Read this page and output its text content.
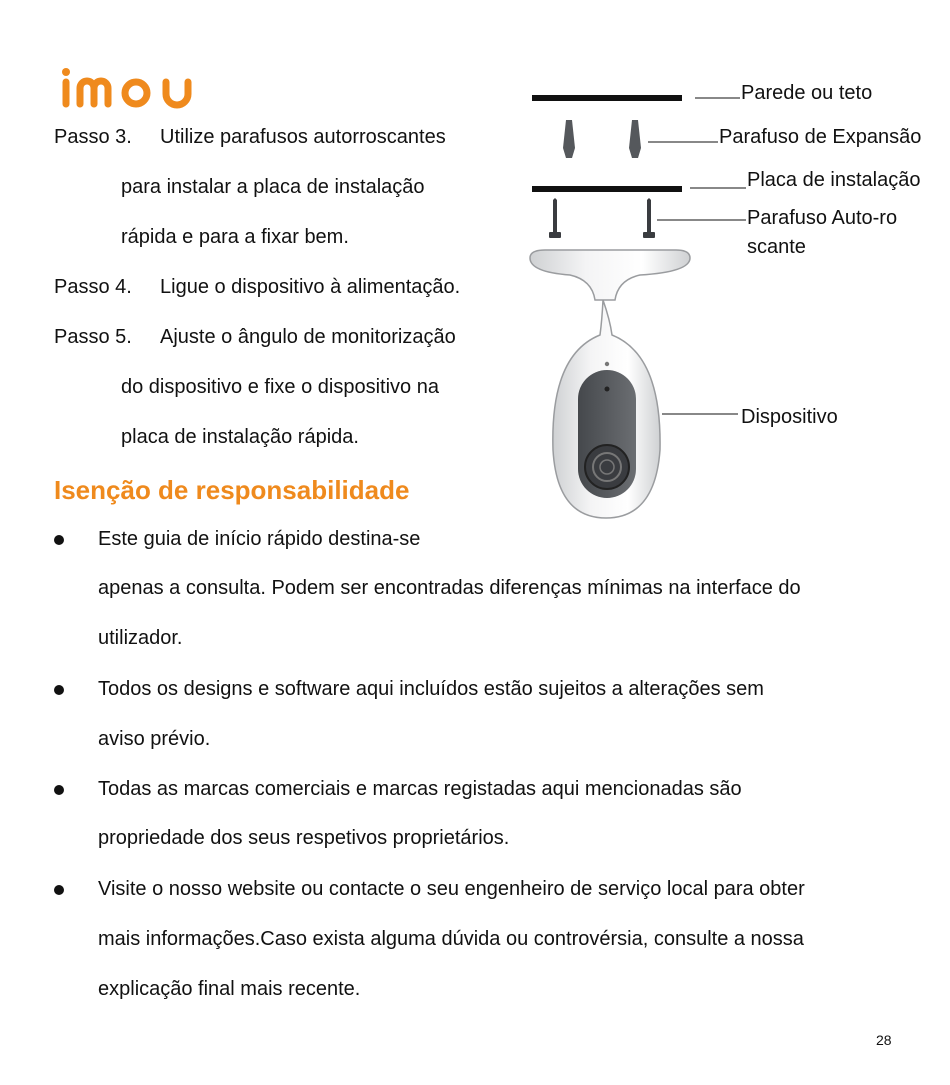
Passo 3. Utilize parafusos autorroscantes
para instalar a placa de instalação
rápida e para a fixar bem.
Passo 4. Ligue o dispositivo à alimentação.
Passo 5. Ajuste o ângulo de monitorização
do dispositivo e fixe o dispositivo na
placa de instalação rápida.
Parede ou teto
Parafuso de Expansão
Placa de instalação
Parafuso Auto-ro
scante
Dispositivo
Isenção de responsabilidade
Este guia de início rápido destina-se
apenas a consulta. Podem ser encontradas diferenças mínimas na interface do
utilizador.
Todos os designs e software aqui incluídos estão sujeitos a alterações sem
aviso prévio.
Todas as marcas comerciais e marcas registadas aqui mencionadas são
propriedade dos seus respetivos proprietários.
Visite o nosso website ou contacte o seu engenheiro de serviço local para obter
mais informações.Caso exista alguma dúvida ou controvérsia, consulte a nossa
explicação final mais recente.
28
